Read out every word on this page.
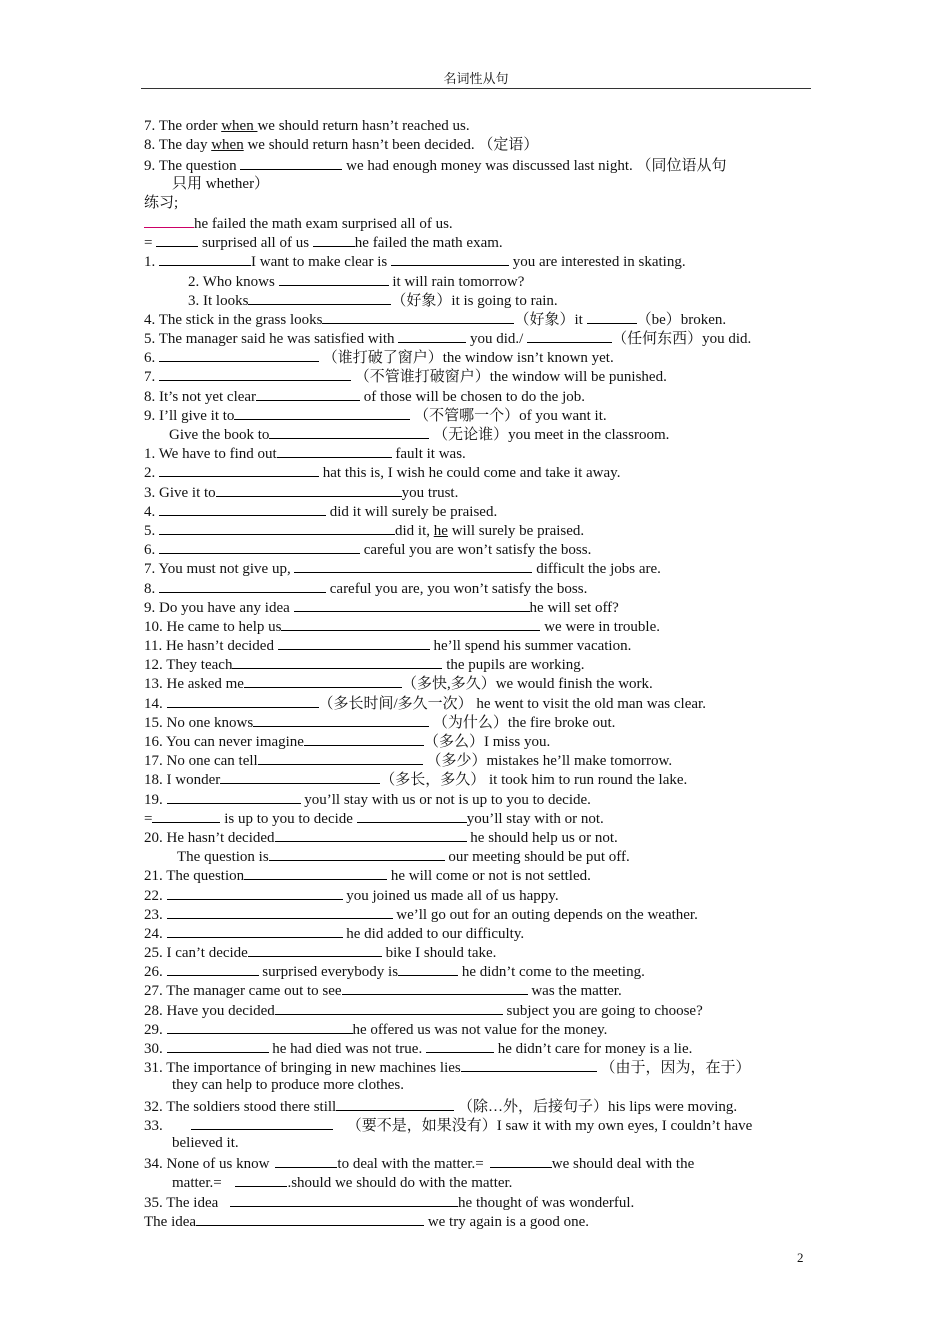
名词性从句
7. The order when we should return hasn’t reached us.
8. The day when we should return hasn’t been decided. （定语）
9. The question	we had enough money was discussed last night. （同位语从句
只用 whether）
练习;
he failed the math exam surprised all of us.
=	surprised all of us	he failed the math exam.
1.	I want to make clear is	you are interested in skating.
2. Who knows	it will rain tomorrow?
3. It looks	（好象）it is going to rain.
4. The stick in the grass looks	（好象）it	（be）broken.
5. The manager said he was satisfied with	you did./	（任何东西）you did.
6.	（谁打破了窗户）the window isn’t known yet.
7.	（不管谁打破窗户）the window will be punished.
8. It’s not yet clear	of those will be chosen to do the job.
9. I’ll give it to	（不管哪一个）of you want it.
Give the book to	（无论谁）you meet in the classroom.
1. We have to find out	fault it was.
2.	hat this is, I wish he could come and take it away.
3. Give it to	you trust.
4.	did it will surely be praised.
5.	did it, he will surely be praised.
6.	careful you are won’t satisfy the boss.
7. You must not give up,	difficult the jobs are.
8.	careful you are, you won’t satisfy the boss.
9. Do you have any idea	he will set off?
10. He came to help us	we were in trouble.
11. He hasn’t decided	he’ll spend his summer vacation.
12. They teach	the pupils are working.
13. He asked me	（多快,多久）we would finish the work.
14.	（多长时间/多久一次） he went to visit the old man was clear.
15. No one knows	（为什么）the fire broke out.
16. You can never imagine	（多么）I miss you.
17. No one can tell	（多少）mistakes he’ll make tomorrow.
18. I wonder	（多长，多久） it took him to run round the lake.
19.	you’ll stay with us or not is up to you to decide.
=	is up to you to decide	you’ll stay with or not.
20. He hasn’t decided	he should help us or not.
The question is	our meeting should be put off.
21. The question	he will come or not is not settled.
22.	you joined us made all of us happy.
23.	we’ll go out for an outing depends on the weather.
24.	he did added to our difficulty.
25. I can’t decide	bike I should take.
26.	surprised everybody is	he didn’t come to the meeting.
27. The manager came out to see	was the matter.
28. Have you decided	subject you are going to choose?
29.	he offered us was not value for the money.
30.	he had died was not true.	he didn’t care for money is a lie.
31. The importance of bringing in new machines lies	（由于，因为，在于）
they can help to produce more clothes.
32. The soldiers stood there still	（除…外，后接句子）his lips were moving.
33.	（要不是，如果没有）I saw it with my own eyes, I couldn’t have
believed it.
34. None of us know	to deal with the matter.=	we should deal with the
matter.=	.should we should do with the matter.
35. The idea	he thought of was wonderful.
The idea	we try again is a good one.
2
